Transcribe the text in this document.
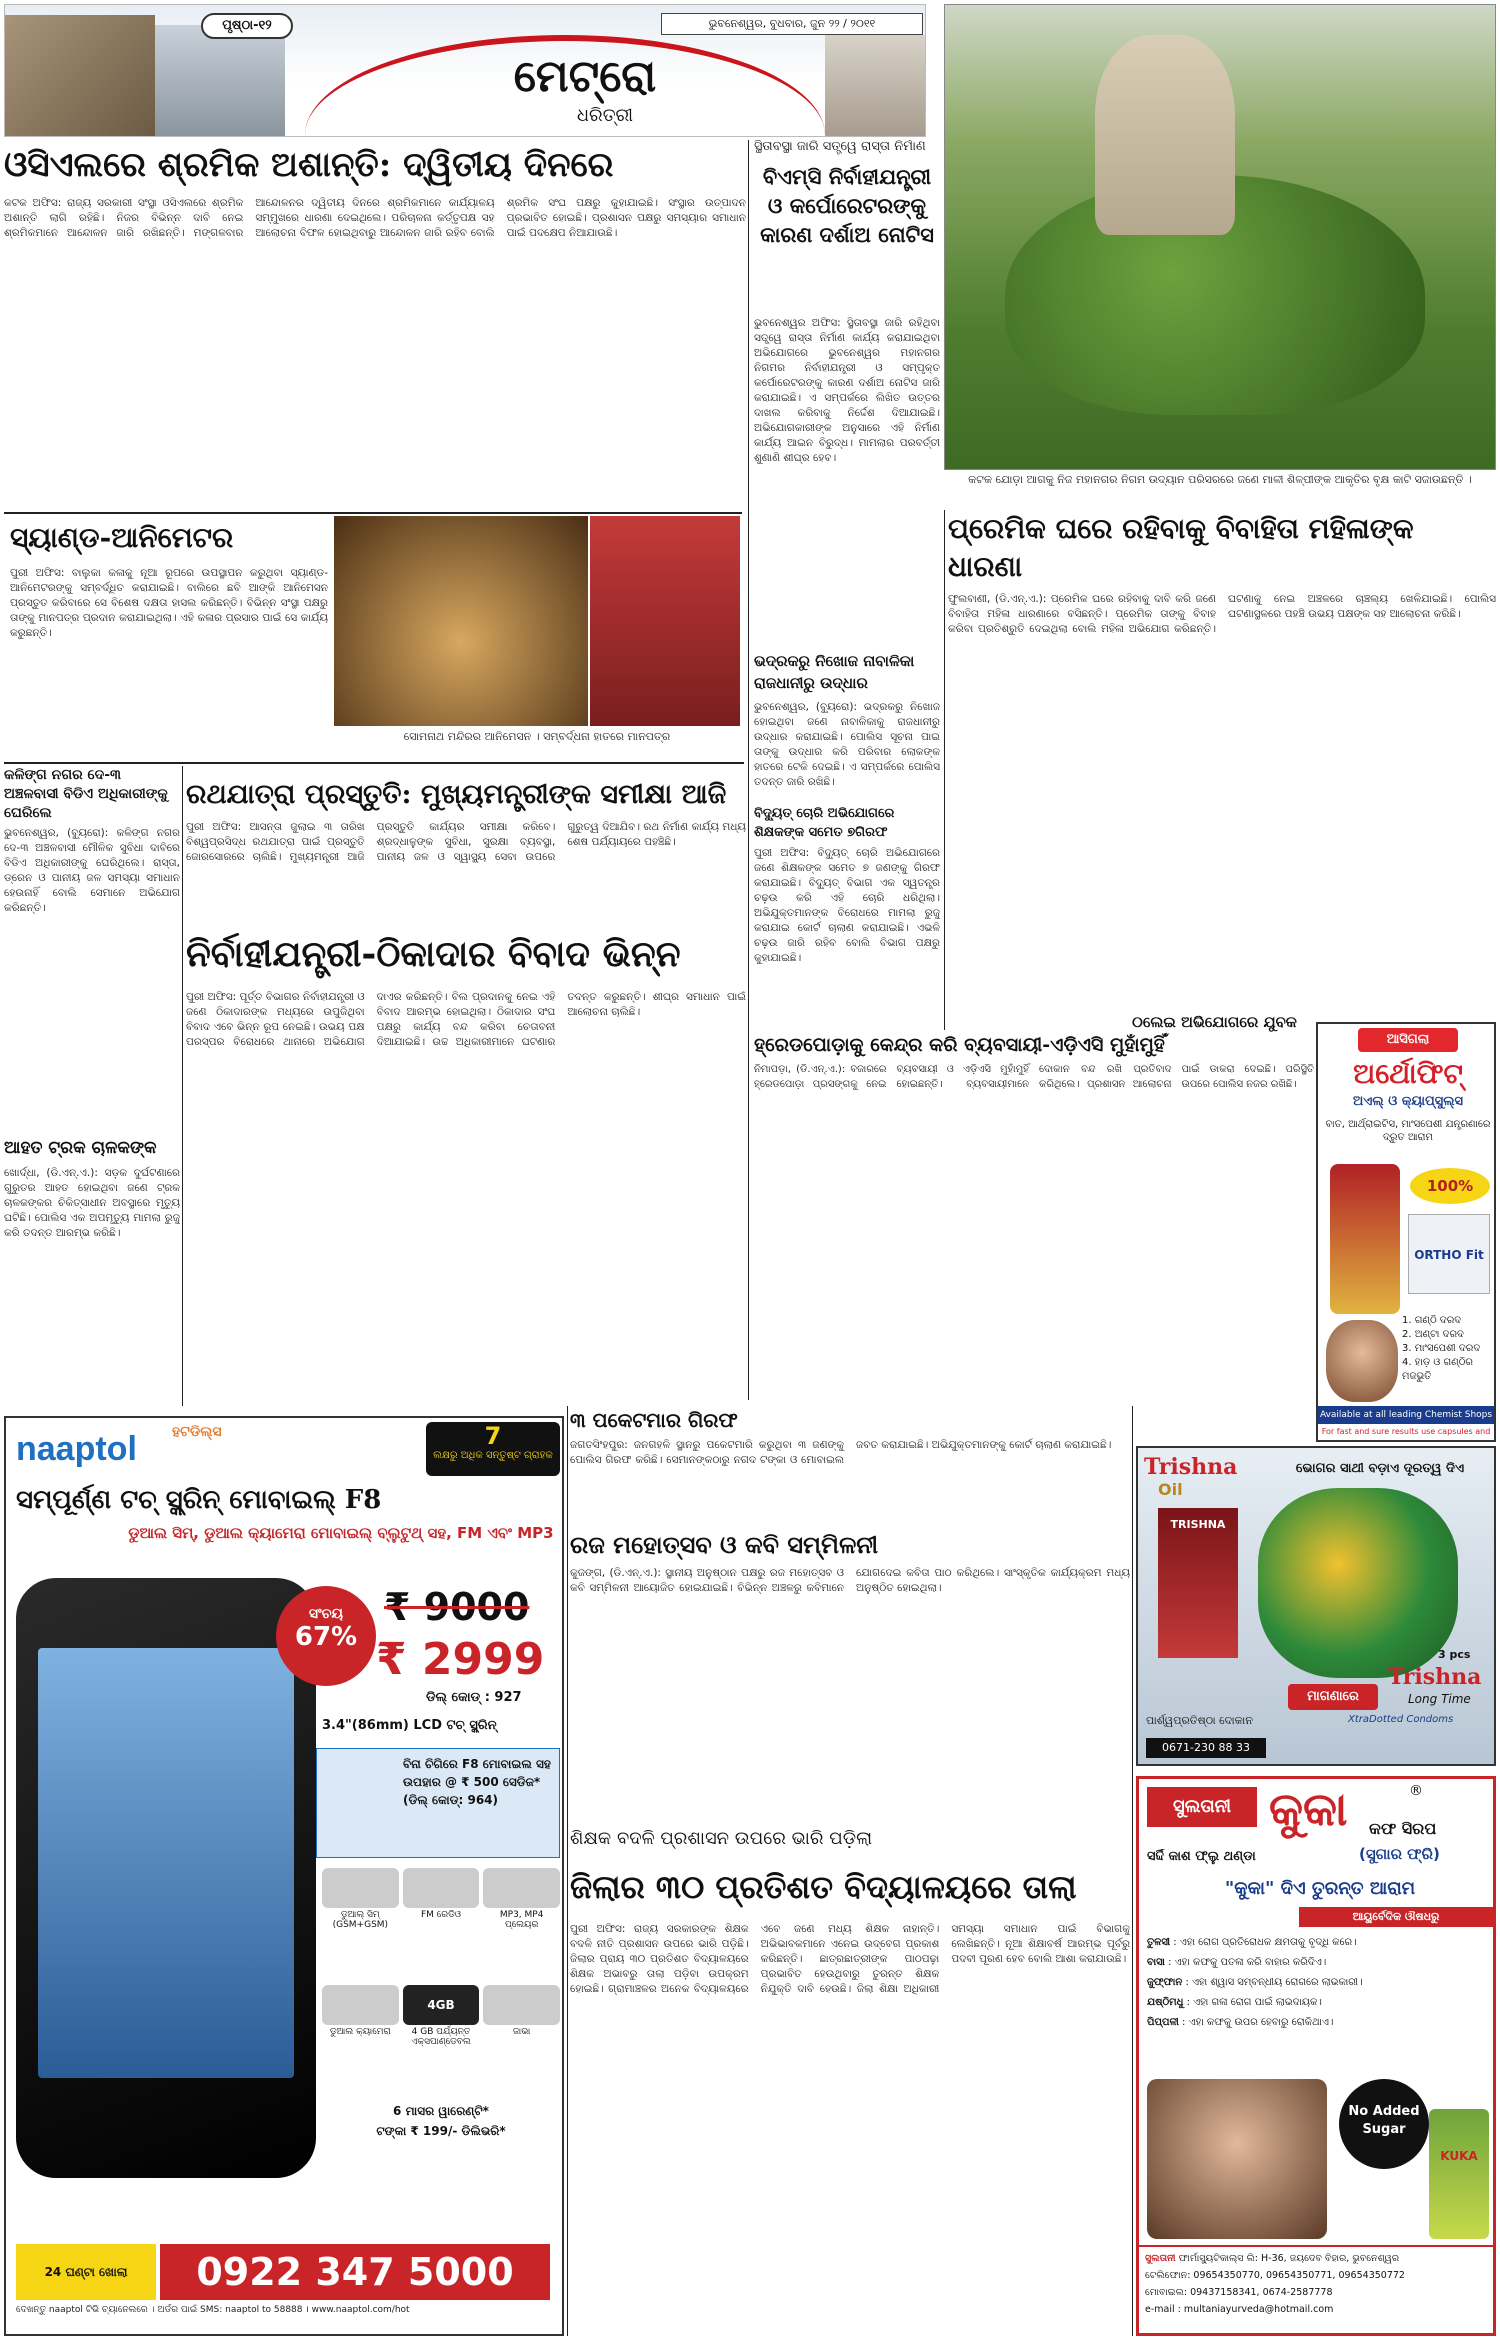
ପୃଷ୍ଠା-୧୨	ଭୁବନେଶ୍ୱର, ବୁଧବାର, ଜୁନ ୨୨ / ୨୦୧୧
ମେଟ୍ରୋ
ଧରିତ୍ରୀ
କଟକ ଯୋଡ଼ା ଆଗକୁ ନିଜ ମହାନଗର ନିଗମ ଉଦ୍ୟାନ ପରିସରରେ ଜଣେ ମାଳୀ ଶିଳ୍ପୀଙ୍କ ଆକୃତିର ବୃକ୍ଷ କାଟି ସଜାଉଛନ୍ତି ।
ଓସିଏଲରେ ଶ୍ରମିକ ଅଶାନ୍ତି: ଦ୍ୱିତୀୟ ଦିନରେ
କଟକ ଅଫିସ: ରାଜ୍ୟ ସରକାରୀ ସଂସ୍ଥା ଓସିଏଲରେ ଶ୍ରମିକ ଅଶାନ୍ତି ଲାଗି ରହିଛି। ନିଜର ବିଭିନ୍ନ ଦାବି ନେଇ ଶ୍ରମିକମାନେ ଆନ୍ଦୋଳନ ଜାରି ରଖିଛନ୍ତି। ମଙ୍ଗଳବାର ଆନ୍ଦୋଳନର ଦ୍ୱିତୀୟ ଦିନରେ ଶ୍ରମିକମାନେ କାର୍ଯ୍ୟାଳୟ ସମ୍ମୁଖରେ ଧାରଣା ଦେଇଥିଲେ। ପରିଚାଳନା କର୍ତ୍ତୃପକ୍ଷ ସହ ଆଲୋଚନା ବିଫଳ ହୋଇଥିବାରୁ ଆନ୍ଦୋଳନ ଜାରି ରହିବ ବୋଲି ଶ୍ରମିକ ସଂଘ ପକ୍ଷରୁ କୁହାଯାଇଛି। ସଂସ୍ଥାର ଉତ୍ପାଦନ ପ୍ରଭାବିତ ହୋଇଛି। ପ୍ରଶାସନ ପକ୍ଷରୁ ସମସ୍ୟାର ସମାଧାନ ପାଇଁ ପଦକ୍ଷେପ ନିଆଯାଉଛି।
ସ୍ଥିତାବସ୍ଥା ଜାରି ସତ୍ତ୍ୱେ ରାସ୍ତା ନିର୍ମାଣ
ବିଏମ୍‌ସି ନିର୍ବାହୀଯନ୍ତ୍ରୀ ଓ କର୍ପୋରେଟରଙ୍କୁ କାରଣ ଦର୍ଶାଅ ନୋଟିସ
ଭୁବନେଶ୍ୱର ଅଫିସ: ସ୍ଥିତାବସ୍ଥା ଜାରି ରହିଥିବା ସତ୍ତ୍ୱେ ରାସ୍ତା ନିର୍ମାଣ କାର୍ଯ୍ୟ କରାଯାଇଥିବା ଅଭିଯୋଗରେ ଭୁବନେଶ୍ୱର ମହାନଗର ନିଗମର ନିର୍ବାହୀଯନ୍ତ୍ରୀ ଓ ସମ୍ପୃକ୍ତ କର୍ପୋରେଟରଙ୍କୁ କାରଣ ଦର୍ଶାଅ ନୋଟିସ ଜାରି କରାଯାଇଛି। ଏ ସମ୍ପର୍କରେ ଲିଖିତ ଉତ୍ତର ଦାଖଲ କରିବାକୁ ନିର୍ଦ୍ଦେଶ ଦିଆଯାଇଛି। ଅଭିଯୋଗକାରୀଙ୍କ ଅନୁସାରେ ଏହି ନିର୍ମାଣ କାର୍ଯ୍ୟ ଆଇନ ବିରୁଦ୍ଧ। ମାମଲାର ପରବର୍ତ୍ତୀ ଶୁଣାଣି ଶୀଘ୍ର ହେବ।
ସ୍ୟାଣ୍ଡ-ଆନିମେଟର
ପୁରୀ ଅଫିସ: ବାଲୁକା କଳାକୁ ନୂଆ ରୂପରେ ଉପସ୍ଥାପନ କରୁଥିବା ସ୍ୟାଣ୍ଡ-ଆନିମେଟରଙ୍କୁ ସମ୍ବର୍ଦ୍ଧିତ କରାଯାଇଛି। ବାଲିରେ ଛବି ଆଙ୍କି ଆନିମେସନ ପ୍ରସ୍ତୁତ କରିବାରେ ସେ ବିଶେଷ ଦକ୍ଷତା ହାସଲ କରିଛନ୍ତି। ବିଭିନ୍ନ ସଂସ୍ଥା ପକ୍ଷରୁ ତାଙ୍କୁ ମାନପତ୍ର ପ୍ରଦାନ କରାଯାଇଥିଲା। ଏହି କଳାର ପ୍ରସାର ପାଇଁ ସେ କାର୍ଯ୍ୟ କରୁଛନ୍ତି।
ସୋମନାଥ ମନ୍ଦିରର ଆନିମେସନ । ସମ୍ବର୍ଦ୍ଧନା ହାତରେ ମାନପତ୍ର
ଭଦ୍ରକରୁ ନିଖୋଜ ନାବାଳିକା ରାଜଧାନୀରୁ ଉଦ୍ଧାର
ଭୁବନେଶ୍ୱର, (ବ୍ୟୁରୋ): ଭଦ୍ରକରୁ ନିଖୋଜ ହୋଇଥିବା ଜଣେ ନାବାଳିକାକୁ ରାଜଧାନୀରୁ ଉଦ୍ଧାର କରାଯାଇଛି। ପୋଲିସ ସୂଚନା ପାଇ ତାଙ୍କୁ ଉଦ୍ଧାର କରି ପରିବାର ଲୋକଙ୍କ ହାତରେ ଟେକି ଦେଇଛି। ଏ ସମ୍ପର୍କରେ ପୋଲିସ ତଦନ୍ତ ଜାରି ରଖିଛି।
ପ୍ରେମିକ ଘରେ ରହିବାକୁ ବିବାହିତା ମହିଳାଙ୍କ ଧାରଣା
ଫୁଲବାଣୀ, (ଡି.ଏନ୍.ଏ.): ପ୍ରେମିକ ଘରେ ରହିବାକୁ ଦାବି କରି ଜଣେ ବିବାହିତା ମହିଳା ଧାରଣାରେ ବସିଛନ୍ତି। ପ୍ରେମିକ ତାଙ୍କୁ ବିବାହ କରିବା ପ୍ରତିଶ୍ରୁତି ଦେଇଥିଲା ବୋଲି ମହିଳା ଅଭିଯୋଗ କରିଛନ୍ତି। ଘଟଣାକୁ ନେଇ ଅଞ୍ଚଳରେ ଚାଞ୍ଚଲ୍ୟ ଖେଳିଯାଇଛି। ପୋଲିସ ଘଟଣାସ୍ଥଳରେ ପହଞ୍ଚି ଉଭୟ ପକ୍ଷଙ୍କ ସହ ଆଲୋଚନା କରିଛି।
କଳିଙ୍ଗ ନଗର ଦେ-୩ ଅଞ୍ଚଳବାସୀ ବିଡିଏ ଅଧିକାରୀଙ୍କୁ ଘେରିଲେ
ଭୁବନେଶ୍ୱର, (ବ୍ୟୁରୋ): କଳିଙ୍ଗ ନଗର ଦେ-୩ ଅଞ୍ଚଳବାସୀ ମୌଳିକ ସୁବିଧା ଦାବିରେ ବିଡିଏ ଅଧିକାରୀଙ୍କୁ ଘେରିଥିଲେ। ରାସ୍ତା, ଡ୍ରେନ ଓ ପାନୀୟ ଜଳ ସମସ୍ୟା ସମାଧାନ ହେଉନାହିଁ ବୋଲି ସେମାନେ ଅଭିଯୋଗ କରିଛନ୍ତି।
ଆହତ ଟ୍ରକ ଚାଳକଙ୍କ
ଖୋର୍ଦ୍ଧା, (ଡି.ଏନ୍.ଏ.): ସଡ଼କ ଦୁର୍ଘଟଣାରେ ଗୁରୁତର ଆହତ ହୋଇଥିବା ଜଣେ ଟ୍ରକ ଚାଳକଙ୍କର ଚିକିତ୍ସାଧୀନ ଅବସ୍ଥାରେ ମୃତ୍ୟୁ ଘଟିଛି। ପୋଲିସ ଏକ ଅପମୃତ୍ୟୁ ମାମଲା ରୁଜୁ କରି ତଦନ୍ତ ଆରମ୍ଭ କରିଛି।
ରଥଯାତ୍ରା ପ୍ରସ୍ତୁତି: ମୁଖ୍ୟମନ୍ତ୍ରୀଙ୍କ ସମୀକ୍ଷା ଆଜି
ପୁରୀ ଅଫିସ: ଆସନ୍ତା ଜୁଲାଇ ୩ ତାରିଖ ବିଶ୍ୱପ୍ରସିଦ୍ଧ ରଥଯାତ୍ରା ପାଇଁ ପ୍ରସ୍ତୁତି ଜୋରସୋରରେ ଚାଲିଛି। ମୁଖ୍ୟମନ୍ତ୍ରୀ ଆଜି ପ୍ରସ୍ତୁତି କାର୍ଯ୍ୟର ସମୀକ୍ଷା କରିବେ। ଶ୍ରଦ୍ଧାଳୁଙ୍କ ସୁବିଧା, ସୁରକ୍ଷା ବ୍ୟବସ୍ଥା, ପାନୀୟ ଜଳ ଓ ସ୍ୱାସ୍ଥ୍ୟ ସେବା ଉପରେ ଗୁରୁତ୍ୱ ଦିଆଯିବ। ରଥ ନିର୍ମାଣ କାର୍ଯ୍ୟ ମଧ୍ୟ ଶେଷ ପର୍ଯ୍ୟାୟରେ ପହଞ୍ଚିଛି।
ନିର୍ବାହୀଯନ୍ତ୍ରୀ-ଠିକାଦାର ବିବାଦ ଭିନ୍ନ
ପୁରୀ ଅଫିସ: ପୂର୍ତ୍ତ ବିଭାଗର ନିର୍ବାହୀଯନ୍ତ୍ରୀ ଓ ଜଣେ ଠିକାଦାରଙ୍କ ମଧ୍ୟରେ ଉପୁଜିଥିବା ବିବାଦ ଏବେ ଭିନ୍ନ ରୂପ ନେଇଛି। ଉଭୟ ପକ୍ଷ ପରସ୍ପର ବିରୋଧରେ ଥାନାରେ ଅଭିଯୋଗ ଦାଏର କରିଛନ୍ତି। ବିଲ ପ୍ରଦାନକୁ ନେଇ ଏହି ବିବାଦ ଆରମ୍ଭ ହୋଇଥିଲା। ଠିକାଦାର ସଂଘ ପକ୍ଷରୁ କାର୍ଯ୍ୟ ବନ୍ଦ କରିବା ଚେତାବନୀ ଦିଆଯାଇଛି। ଉଚ୍ଚ ଅଧିକାରୀମାନେ ଘଟଣାର ତଦନ୍ତ କରୁଛନ୍ତି। ଶୀଘ୍ର ସମାଧାନ ପାଇଁ ଆଲୋଚନା ଚାଲିଛି।
ବିଦ୍ୟୁତ୍ ଚୋରି ଅଭିଯୋଗରେ ଶିକ୍ଷକଙ୍କ ସମେତ ୭ଗିରଫ
ପୁରୀ ଅଫିସ: ବିଦ୍ୟୁତ୍ ଚୋରି ଅଭିଯୋଗରେ ଜଣେ ଶିକ୍ଷକଙ୍କ ସମେତ ୭ ଜଣଙ୍କୁ ଗିରଫ କରାଯାଇଛି। ବିଦ୍ୟୁତ୍ ବିଭାଗ ଏକ ସ୍ୱତନ୍ତ୍ର ଚଢ଼ଉ କରି ଏହି ଚୋରି ଧରିଥିଲା। ଅଭିଯୁକ୍ତମାନଙ୍କ ବିରୋଧରେ ମାମଲା ରୁଜୁ କରାଯାଇ କୋର୍ଟ ଚାଲାଣ କରାଯାଇଛି। ଏଭଳି ଚଢ଼ଉ ଜାରି ରହିବ ବୋଲି ବିଭାଗ ପକ୍ଷରୁ କୁହାଯାଇଛି।
ହ୍ରେଡପୋଡ଼ାକୁ କେନ୍ଦ୍ର କରି ବ୍ୟବସାୟୀ-ଏଡ଼ିଏସି ମୁହାଁମୁହିଁ
ନିମାପଡ଼ା, (ଡି.ଏନ୍.ଏ.): ବଜାରରେ ହ୍ରେଡପୋଡ଼ା ପ୍ରସଙ୍ଗକୁ ନେଇ ବ୍ୟବସାୟୀ ଓ ଏଡ଼ିଏସି ମୁହାଁମୁହିଁ ହୋଇଛନ୍ତି। ବ୍ୟବସାୟୀମାନେ ଦୋକାନ ବନ୍ଦ ରଖି ପ୍ରତିବାଦ କରିଥିଲେ। ପ୍ରଶାସନ ଆଲୋଚନା ପାଇଁ ଡାକରା ଦେଇଛି। ପରିସ୍ଥିତି ଉପରେ ପୋଲିସ ନଜର ରଖିଛି।
୦ଲେଇ ଅଭିଯୋଗରେ ଯୁବକ
ଆସିଗଲା
ଅର୍ଥୋଫିଟ୍
ଅଏଲ୍ ଓ କ୍ୟାପ୍‌ସୁଲ୍ସ
ବାତ, ଆର୍ଥ୍ରାଇଟିସ, ମାଂସପେଶୀ ଯନ୍ତ୍ରଣାରେ ଦ୍ରୁତ ଆରାମ
100%
ORTHO Fit
1. ଗଣ୍ଠି ଦରଦ
2. ଅଣ୍ଟା ଦରଦ
3. ମାଂସପେଶୀ ଦରଦ
4. ହାଡ଼ ଓ ଗଣ୍ଠିର ମଜଭୁତି
Available at all leading Chemist Shops
For fast and sure results use capsules and
naaptol	ହଟଡିଲ୍ସ	7
ଲକ୍ଷରୁ ଅଧିକ ସନ୍ତୁଷ୍ଟ ଗ୍ରାହକ
ସମ୍ପୂର୍ଣ୍ଣ ଟଚ୍ ସ୍କ୍ରିନ୍ ମୋବାଇଲ୍ F8
ଡୁଆଲ ସିମ୍, ଡୁଆଲ କ୍ୟାମେରା ମୋବାଇଲ୍ ବ୍ଲୁଟୁଥ୍ ସହ, FM ଏବଂ MP3
ସଂଚୟ
67%
₹ 9000
₹ 2999
ଡିଲ୍ କୋଡ୍ : 927
3.4"(86mm) LCD ଟଚ୍ ସ୍କ୍ରିନ୍
ବିନା ଚିଗିରେ F8 ମୋବାଇଲ ସହ ଉପହାର @ ₹ 500 ସେଡିଜ* (ଡିଲ୍ କୋଡ୍: 964)
ଡୁଆଲ୍ ସିମ୍ (GSM+GSM)
FM ରେଡିଓ	MP3, MP4 ପ୍ଲେୟର
ଡୁଆଲ କ୍ୟାମେରା
4GB
4 GB ପର୍ଯ୍ୟନ୍ତ ଏକ୍ସପାଣ୍ଡେବଲ
ଜାଭା
6 ମାସର ୱାରେଣ୍ଟି*
ଟଙ୍କା ₹ 199/- ଡିଲିଭରି*
24 ଘଣ୍ଟା ଖୋଲା	0922 347 5000
ଦେଖନ୍ତୁ naaptol ଟିଭି ଚ୍ୟାନେଲରେ । ଅର୍ଡର ପାଇଁ SMS: naaptol to 58888 । www.naaptol.com/hot
୩ ପକେଟମାର ଗିରଫ
ଜଗତସିଂହପୁର: ଜନଗହଳି ସ୍ଥାନରୁ ପକେଟମାରି କରୁଥିବା ୩ ଜଣଙ୍କୁ ପୋଲିସ ଗିରଫ କରିଛି। ସେମାନଙ୍କଠାରୁ ନଗଦ ଟଙ୍କା ଓ ମୋବାଇଲ ଜବତ କରାଯାଇଛି। ଅଭିଯୁକ୍ତମାନଙ୍କୁ କୋର୍ଟ ଚାଲାଣ କରାଯାଇଛି।
ରଜ ମହୋତ୍ସବ ଓ କବି ସମ୍ମିଳନୀ
କୁଜଙ୍ଗ, (ଡି.ଏନ୍.ଏ.): ସ୍ଥାନୀୟ ଅନୁଷ୍ଠାନ ପକ୍ଷରୁ ରଜ ମହୋତ୍ସବ ଓ କବି ସମ୍ମିଳନୀ ଆୟୋଜିତ ହୋଇଯାଇଛି। ବିଭିନ୍ନ ଅଞ୍ଚଳରୁ କବିମାନେ ଯୋଗଦେଇ କବିତା ପାଠ କରିଥିଲେ। ସାଂସ୍କୃତିକ କାର୍ଯ୍ୟକ୍ରମ ମଧ୍ୟ ଅନୁଷ୍ଠିତ ହୋଇଥିଲା।
Trishna
Oil
ଭୋଗର ସାଥୀ ବଡ଼ାଏ ଦୂରତ୍ୱ ଦିଏ
TRISHNA
3 pcs
Trishna
Long Time
ମାଗଣାରେ
ପାର୍ଶ୍ୱପ୍ରତିଷ୍ଠା ଦୋକାନ	XtraDotted Condoms
0671-230 88 33
ଶିକ୍ଷକ ବଦଳି ପ୍ରଶାସନ ଉପରେ ଭାରି ପଡ଼ିଲା
ଜିଲାର ୩୦ ପ୍ରତିଶତ ବିଦ୍ୟାଳୟରେ ତାଲା
ପୁରୀ ଅଫିସ: ରାଜ୍ୟ ସରକାରଙ୍କ ଶିକ୍ଷକ ବଦଳି ନୀତି ପ୍ରଶାସନ ଉପରେ ଭାରି ପଡ଼ିଛି। ଜିଲାର ପ୍ରାୟ ୩୦ ପ୍ରତିଶତ ବିଦ୍ୟାଳୟରେ ଶିକ୍ଷକ ଅଭାବରୁ ତାଲା ପଡ଼ିବା ଉପକ୍ରମ ହୋଇଛି। ଗ୍ରାମାଞ୍ଚଳର ଅନେକ ବିଦ୍ୟାଳୟରେ ଏବେ ଜଣେ ମଧ୍ୟ ଶିକ୍ଷକ ନାହାନ୍ତି। ଅଭିଭାବକମାନେ ଏନେଇ ଉଦ୍‌ବେଗ ପ୍ରକାଶ କରିଛନ୍ତି। ଛାତ୍ରଛାତ୍ରୀଙ୍କ ପାଠପଢ଼ା ପ୍ରଭାବିତ ହେଉଥିବାରୁ ତୁରନ୍ତ ଶିକ୍ଷକ ନିଯୁକ୍ତି ଦାବି ହେଉଛି। ଜିଲା ଶିକ୍ଷା ଅଧିକାରୀ ସମସ୍ୟା ସମାଧାନ ପାଇଁ ବିଭାଗକୁ ଲେଖିଛନ୍ତି। ନୂଆ ଶିକ୍ଷାବର୍ଷ ଆରମ୍ଭ ପୂର୍ବରୁ ପଦବୀ ପୂରଣ ହେବ ବୋଲି ଆଶା କରାଯାଉଛି।
ସୁଲତାନୀ କୁକା	®
କଫ ସିରପ
ସର୍ଦ୍ଦି କାଶ ଫ୍ଲୁ ଥଣ୍ଡା	(ସୁଗାର ଫ୍ରି)
"କୁକା" ଦିଏ ତୁରନ୍ତ ଆରାମ
ଆୟୁର୍ବେଦିକ ଔଷଧରୁ
ତୁଳସୀ : ଏହା ରୋଗ ପ୍ରତିରୋଧକ କ୍ଷମତାକୁ ବୃଦ୍ଧି କରେ।
ବାସା : ଏହା କଫକୁ ପତଳା କରି ବାହାର କରିଦିଏ।
ଜୁଫ୍ଫାନ : ଏହା ଶ୍ୱାସ ସମ୍ବନ୍ଧୀୟ ରୋଗରେ ଲାଭକାରୀ।
ଯଷ୍ଠିମଧୁ : ଏହା ଗଳା ରୋଗ ପାଇଁ ଲାଭଦାୟକ।
ପିପ୍ପଳୀ : ଏହା କଫକୁ ଉପର ହେବାରୁ ରୋକିଥାଏ।
No Added Sugar
KUKA
ସୁଲତାନୀ ଫାର୍ମାସ୍ୟୁଟିକାଲ୍ସ ଲି: H-36, ଜୟଦେବ ବିହାର, ଭୁବନେଶ୍ୱର
ଟେଲିଫୋନ: 09654350770, 09654350771, 09654350772
ମୋବାଇଲ: 09437158341, 0674-2587778
e-mail : multaniayurveda@hotmail.com
